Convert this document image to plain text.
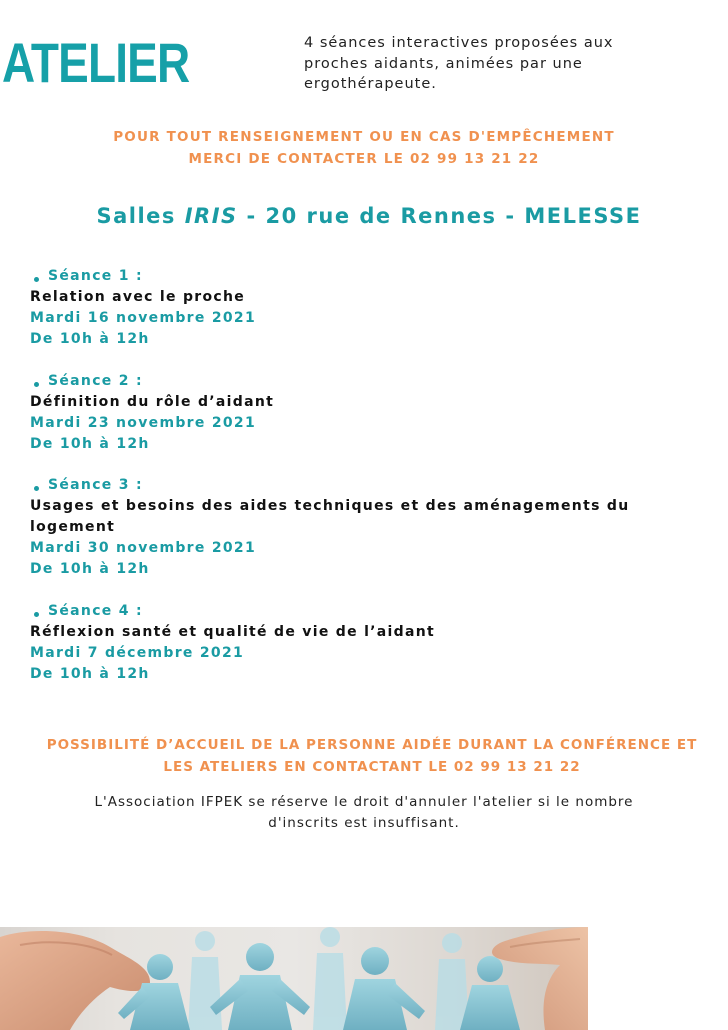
ATELIER	4 séances interactives proposées aux proches aidants, animées par une ergothérapeute.
POUR TOUT RENSEIGNEMENT OU EN CAS D'EMPÊCHEMENT
MERCI DE CONTACTER LE 02 99 13 21 22
Salles IRIS - 20 rue de Rennes - MELESSE
Séance 1 :
Relation avec le proche
Mardi 16 novembre 2021
De 10h à 12h
Séance 2 :
Définition du rôle d’aidant
Mardi 23 novembre 2021
De 10h à 12h
Séance 3 :
Usages et besoins des aides techniques et des aménagements du logement
Mardi 30 novembre 2021
De 10h à 12h
Séance 4 :
Réflexion santé et qualité de vie de l’aidant
Mardi 7 décembre 2021
De 10h à 12h
POSSIBILITÉ D’ACCUEIL DE LA PERSONNE AIDÉE DURANT LA CONFÉRENCE ET
LES ATELIERS EN CONTACTANT LE 02 99 13 21 22
L'Association IFPEK se réserve le droit d'annuler l'atelier si le nombre
d'inscrits est insuffisant.
